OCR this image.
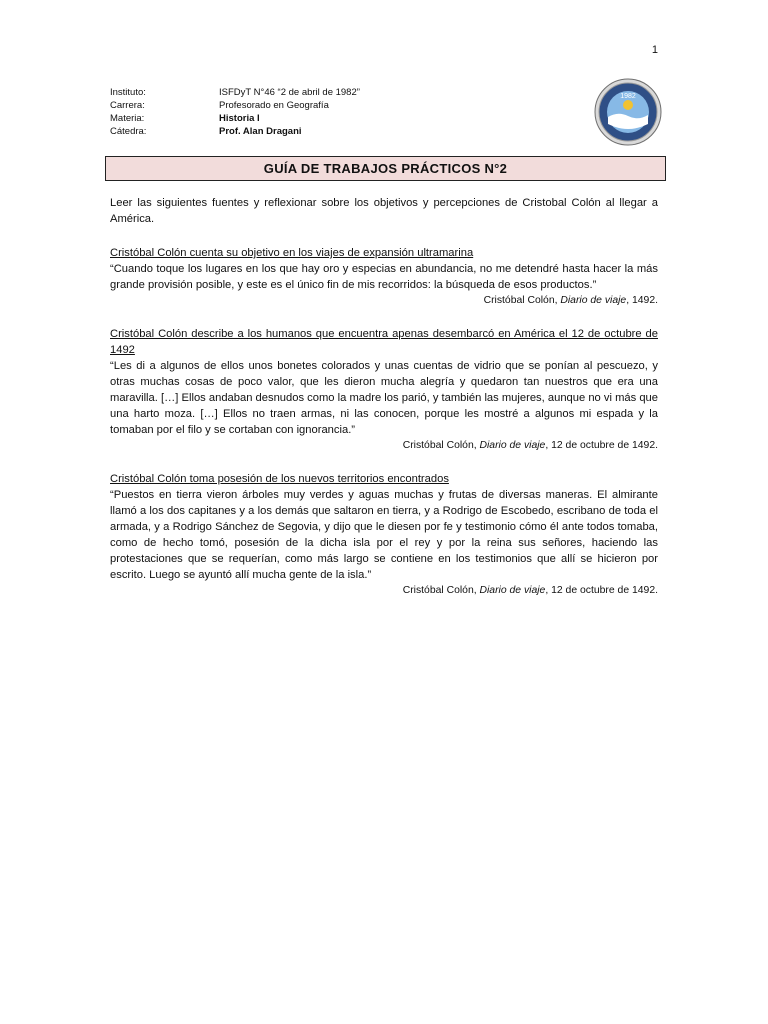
1
Instituto:	ISFDyT N°46 “2 de abril de 1982”
Carrera:	Profesorado en Geografía
Materia:	Historia I
Cátedra:	Prof. Alan Dragani
1982
GUÍA DE TRABAJOS PRÁCTICOS N°2

Leer las siguientes fuentes y reflexionar sobre los objetivos y percepciones de Cristobal Colón al llegar a América.

Cristóbal Colón cuenta su objetivo en los viajes de expansión ultramarina

“Cuando toque los lugares en los que hay oro y especias en abundancia, no me detendré hasta hacer la más grande provisión posible, y este es el único fin de mis recorridos: la búsqueda de esos productos.”

Cristóbal Colón, Diario de viaje, 1492.

Cristóbal Colón describe a los humanos que encuentra apenas desembarcó en América el 12 de octubre de 1492

“Les di a algunos de ellos unos bonetes colorados y unas cuentas de vidrio que se ponían al pescuezo, y otras muchas cosas de poco valor, que les dieron mucha alegría y quedaron tan nuestros que era una maravilla. […] Ellos andaban desnudos como la madre los parió, y también las mujeres, aunque no vi más que una harto moza. […] Ellos no traen armas, ni las conocen, porque les mostré a algunos mi espada y la tomaban por el filo y se cortaban con ignorancia.”

Cristóbal Colón, Diario de viaje, 12 de octubre de 1492.

Cristóbal Colón toma posesión de los nuevos territorios encontrados

“Puestos en tierra vieron árboles muy verdes y aguas muchas y frutas de diversas maneras. El almirante llamó a los dos capitanes y a los demás que saltaron en tierra, y a Rodrigo de Escobedo, escribano de toda el armada, y a Rodrigo Sánchez de Segovia, y dijo que le diesen por fe y testimonio cómo él ante todos tomaba, como de hecho tomó, posesión de la dicha isla por el rey y por la reina sus señores, haciendo las protestaciones que se requerían, como más largo se contiene en los testimonios que allí se hicieron por escrito. Luego se ayuntó allí mucha gente de la isla.”

Cristóbal Colón, Diario de viaje, 12 de octubre de 1492.
